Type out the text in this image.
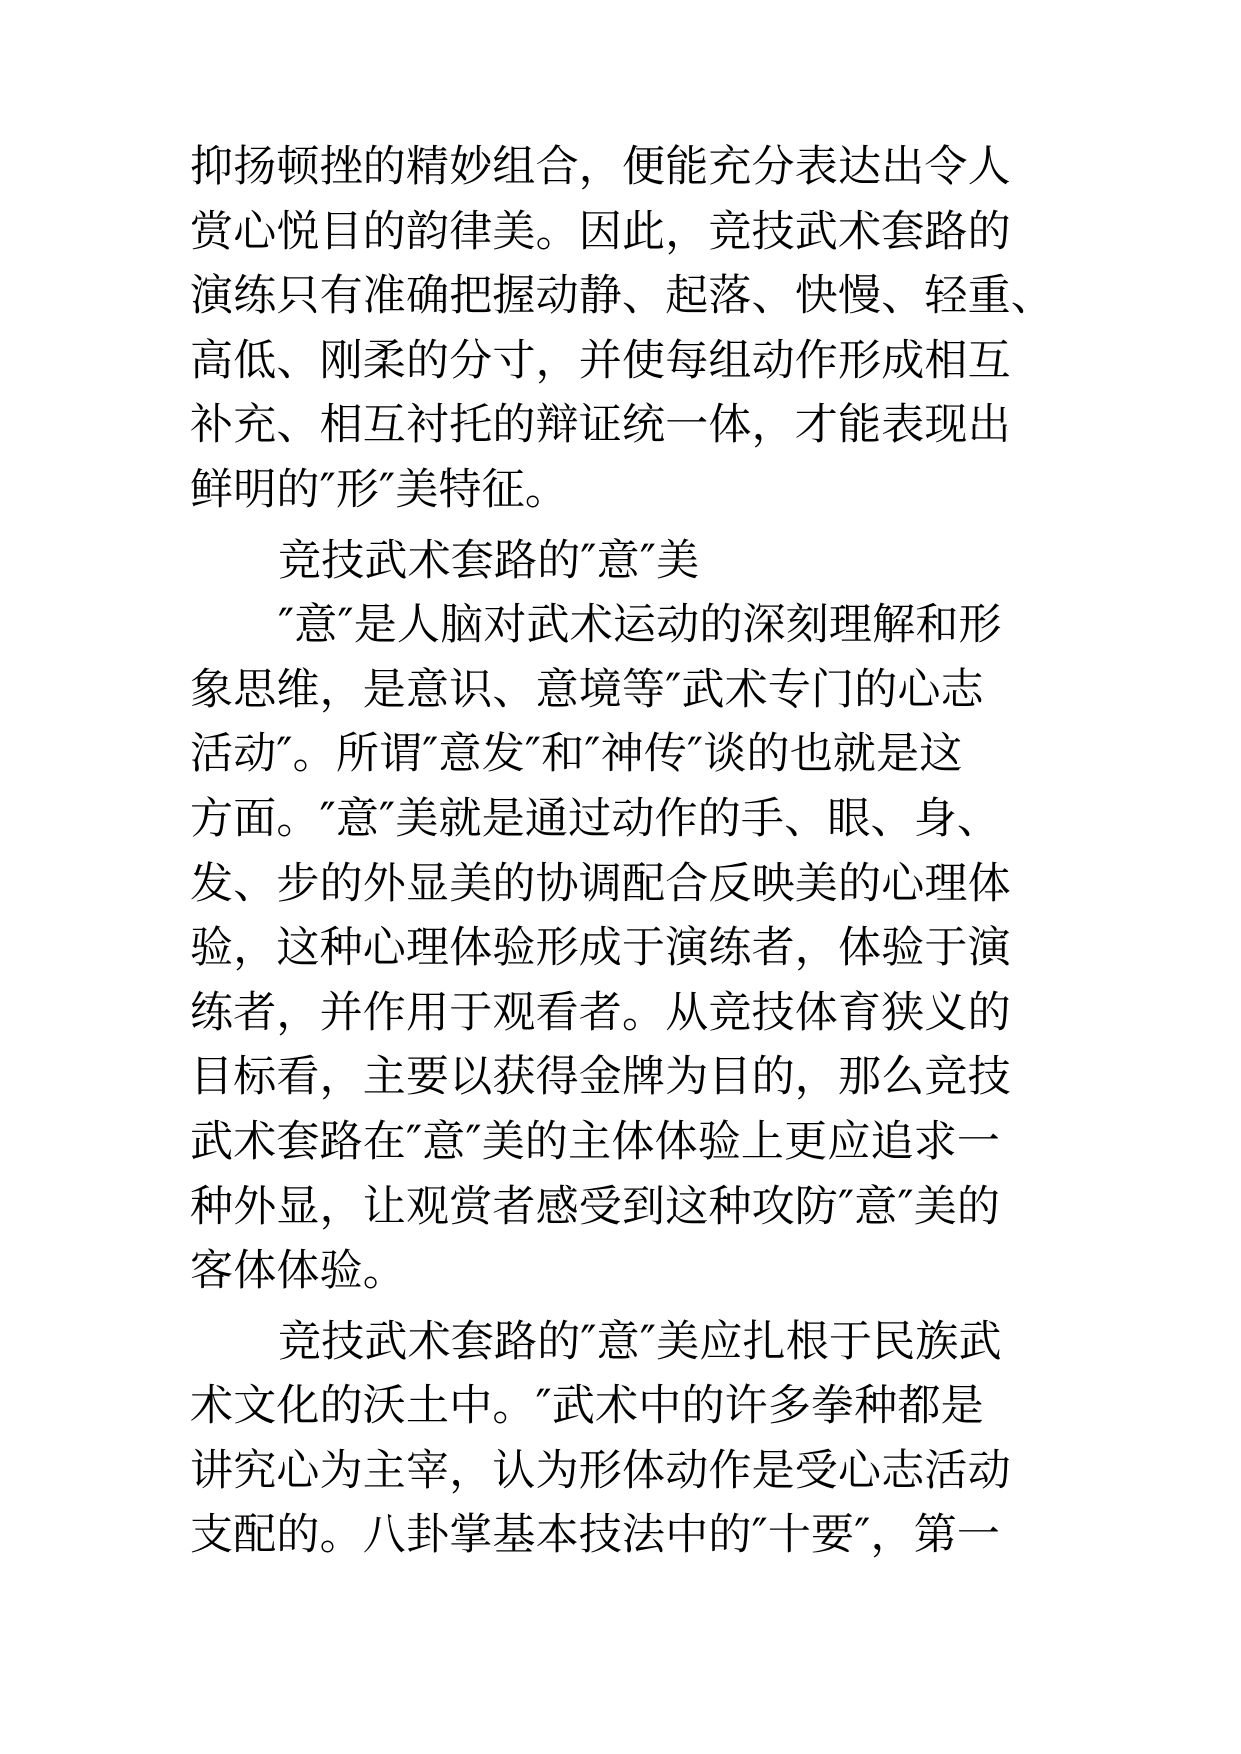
抑扬顿挫的精妙组合，便能充分表达出令人
赏心悦目的韵律美。因此，竞技武术套路的
演练只有准确把握动静、起落、快慢、轻重、
高低、刚柔的分寸，并使每组动作形成相互
补充、相互衬托的辩证统一体，才能表现出
鲜明的″形″美特征。
竞技武术套路的″意″美
″意″是人脑对武术运动的深刻理解和形
象思维，是意识、意境等″武术专门的心志
活动″。所谓″意发″和″神传″谈的也就是这
方面。″意″美就是通过动作的手、眼、身、
发、步的外显美的协调配合反映美的心理体
验，这种心理体验形成于演练者，体验于演
练者，并作用于观看者。从竞技体育狭义的
目标看，主要以获得金牌为目的，那么竞技
武术套路在″意″美的主体体验上更应追求一
种外显，让观赏者感受到这种攻防″意″美的
客体体验。
竞技武术套路的″意″美应扎根于民族武
术文化的沃土中。″武术中的许多拳种都是
讲究心为主宰，认为形体动作是受心志活动
支配的。八卦掌基本技法中的″十要″，第一
